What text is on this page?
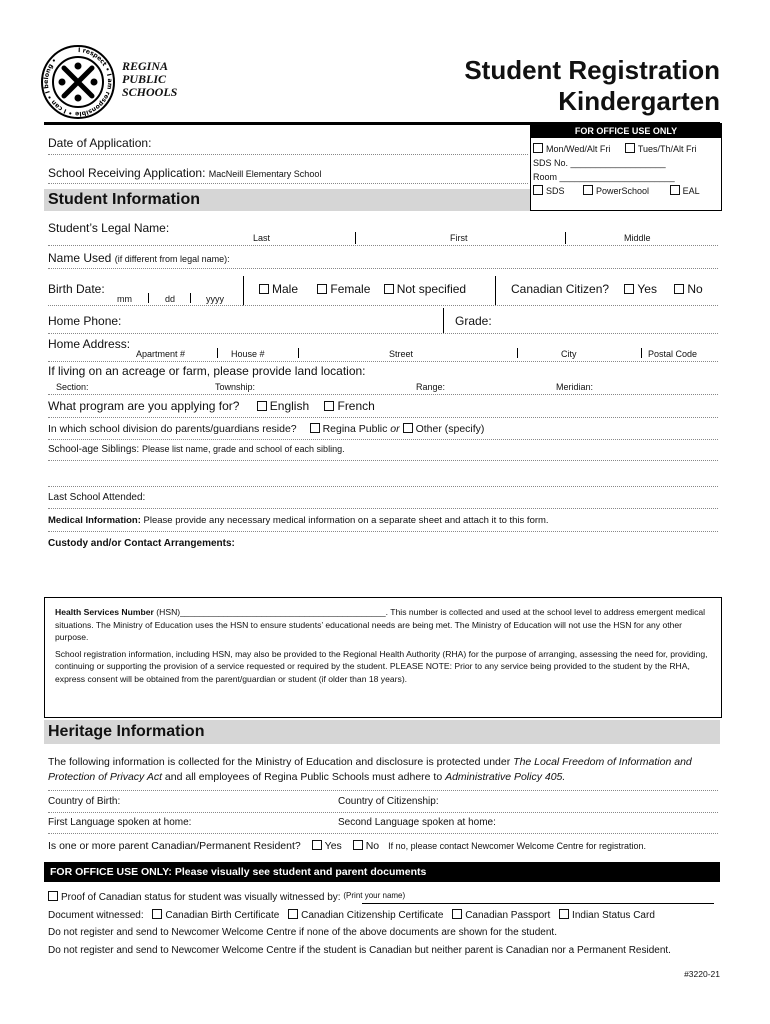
I respect • I am responsible • I can • I belong •	REGINA
PUBLIC
SCHOOLS
Student Registration
Kindergarten
Date of Application:
School Receiving Application: MacNeill Elementary School
FOR OFFICE USE ONLY
Mon/Wed/Alt Fri	Tues/Th/Alt Fri
SDS No. ___________________
Room _______________________
SDS	PowerSchool	EAL
Student Information
Student’s Legal Name:
Last	First	Middle
Name Used (if different from legal name):
Birth Date:
mm	dd	yyyy
Male	Female Not specified	Canadian Citizen? Yes	No
Home Phone:	Grade:
Home Address:
Apartment #	House #	Street	City	Postal Code
If living on an acreage or farm, please provide land location:
Section:	Township:	Range:	Meridian:
What program are you applying for?	English French
In which school division do parents/guardians reside? Regina Public or Other (specify)
School-age Siblings: Please list name, grade and school of each sibling.
Last School Attended:
Medical Information: Please provide any necessary medical information on a separate sheet and attach it to this form.
Custody and/or Contact Arrangements:

Health Services Number (HSN)___________________________________________. This number is collected and used at the school level to address emergent medical situations. The Ministry of Education uses the HSN to ensure students’ educational needs are being met. The Ministry of Education will not use the HSN for any other purpose.

School registration information, including HSN, may also be provided to the Regional Health Authority (RHA) for the purpose of arranging, assessing the need for, providing, continuing or supporting the provision of a service requested or required by the student. PLEASE NOTE: Prior to any service being provided to the student by the RHA, express consent will be obtained from the parent/guardian or student (if older than 18 years).

Heritage Information
The following information is collected for the Ministry of Education and disclosure is protected under The Local Freedom of Information and Protection of Privacy Act and all employees of Regina Public Schools must adhere to Administrative Policy 405.
Country of Birth:	Country of Citizenship:
First Language spoken at home:	Second Language spoken at home:
Is one or more parent Canadian/Permanent Resident? Yes No If no, please contact Newcomer Welcome Centre for registration.
FOR OFFICE USE ONLY: Please visually see student and parent documents
Proof of Canadian status for student was visually witnessed by: $^{(Print your name)}$
Document witnessed: Canadian Birth Certificate Canadian Citizenship Certificate Canadian Passport Indian Status Card
Do not register and send to Newcomer Welcome Centre if none of the above documents are shown for the student.
Do not register and send to Newcomer Welcome Centre if the student is Canadian but neither parent is Canadian nor a Permanent Resident.
#3220-21
